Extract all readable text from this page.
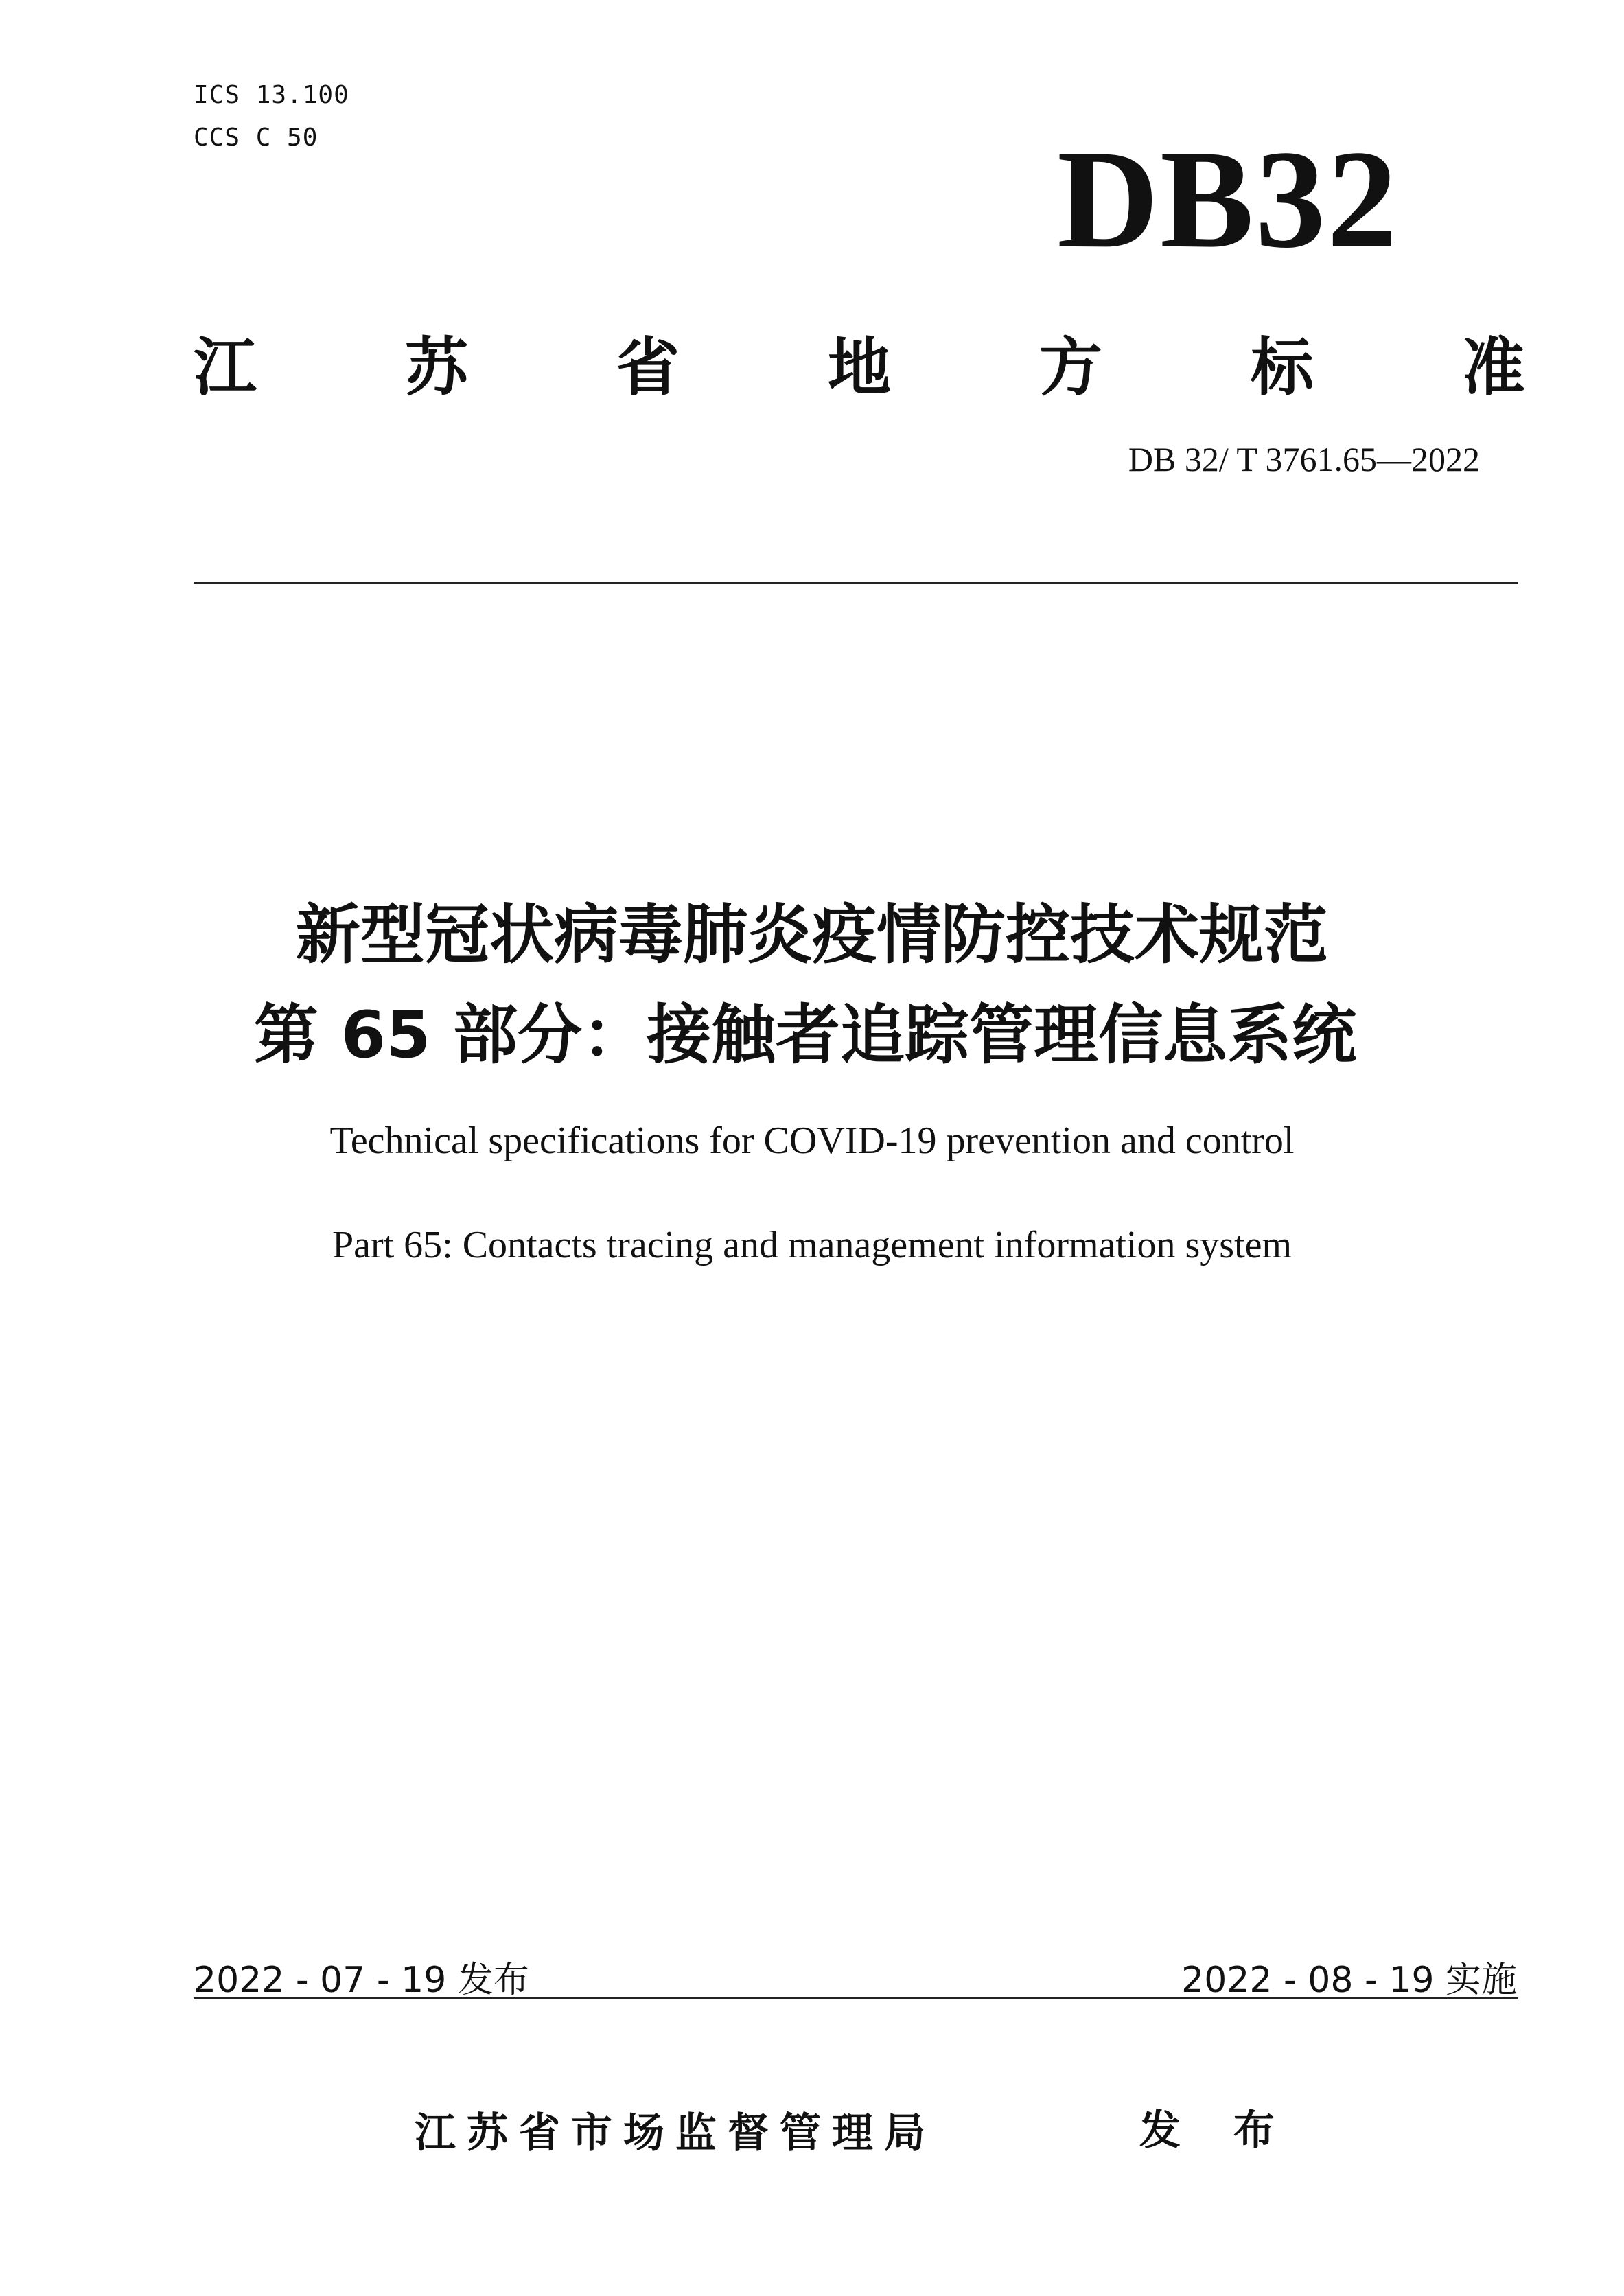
ICS 13.100

CCS C 50	DB32

江 苏 省 地 方 标 准

DB 32/ T 3761.65—2022

新型冠状病毒肺炎疫情防控技术规范

第 65 部分：接触者追踪管理信息系统

Technical specifications for COVID-19 prevention and control

Part 65: Contacts tracing and management information system

2022 - 07 - 19 发布	2022 - 08 - 19 实施

江苏省市场监督管理局	发 布
